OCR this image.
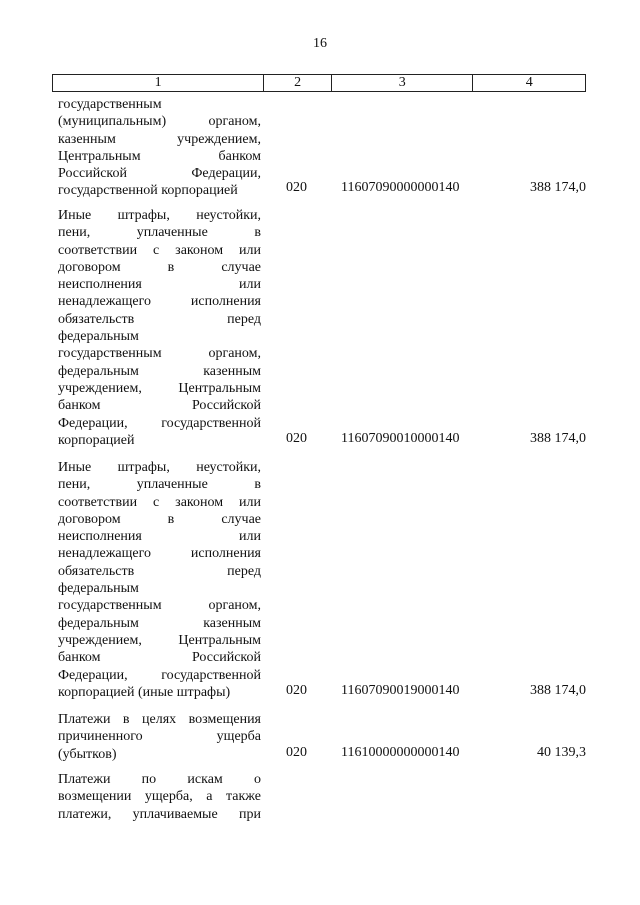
16
1	2	3	4
государственным
(муниципальным) органом,
казенным учреждением,
Центральным банком
Российской Федерации,
государственной корпорацией	020	11607090000000140	388 174,0
Иные штрафы, неустойки,
пени, уплаченные в
соответствии с законом или
договором в случае
неисполнения или
ненадлежащего исполнения
обязательств перед
федеральным
государственным органом,
федеральным казенным
учреждением, Центральным
банком Российской
Федерации, государственной
корпорацией	020	11607090010000140	388 174,0
Иные штрафы, неустойки,
пени, уплаченные в
соответствии с законом или
договором в случае
неисполнения или
ненадлежащего исполнения
обязательств перед
федеральным
государственным органом,
федеральным казенным
учреждением, Центральным
банком Российской
Федерации, государственной
корпорацией (иные штрафы)	020	11607090019000140	388 174,0
Платежи в целях возмещения
причиненного ущерба
(убытков)	020	11610000000000140	40 139,3
Платежи по искам о
возмещении ущерба, а также
платежи, уплачиваемые при
